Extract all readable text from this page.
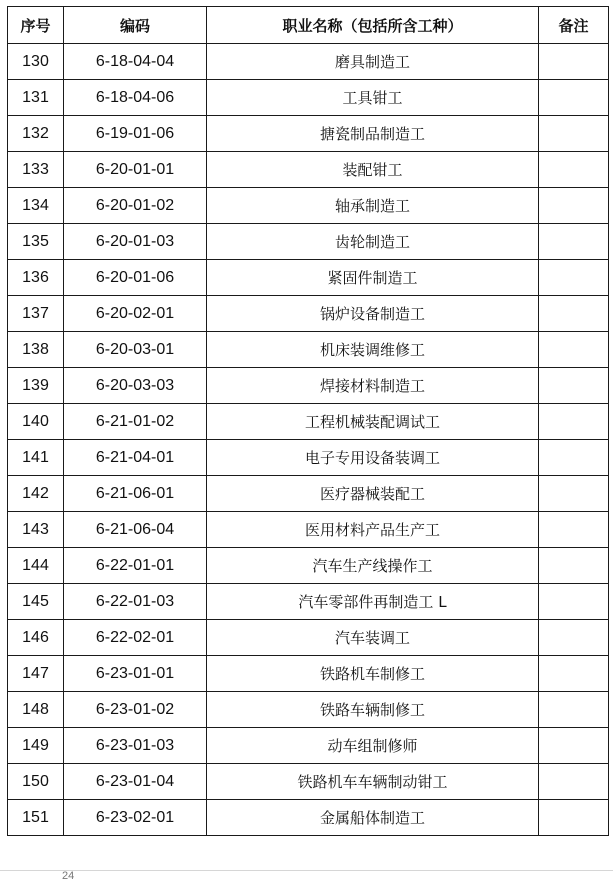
序号	编码	职业名称（包括所含工种）	备注
130	6-18-04-04	磨具制造工	
131	6-18-04-06	工具钳工	
132	6-19-01-06	搪瓷制品制造工	
133	6-20-01-01	装配钳工	
134	6-20-01-02	轴承制造工	
135	6-20-01-03	齿轮制造工	
136	6-20-01-06	紧固件制造工	
137	6-20-02-01	锅炉设备制造工	
138	6-20-03-01	机床装调维修工	
139	6-20-03-03	焊接材料制造工	
140	6-21-01-02	工程机械装配调试工	
141	6-21-04-01	电子专用设备装调工	
142	6-21-06-01	医疗器械装配工	
143	6-21-06-04	医用材料产品生产工	
144	6-22-01-01	汽车生产线操作工	
145	6-22-01-03	汽车零部件再制造工 L	
146	6-22-02-01	汽车装调工	
147	6-23-01-01	铁路机车制修工	
148	6-23-01-02	铁路车辆制修工	
149	6-23-01-03	动车组制修师	
150	6-23-01-04	铁路机车车辆制动钳工	
151	6-23-02-01	金属船体制造工	
24
